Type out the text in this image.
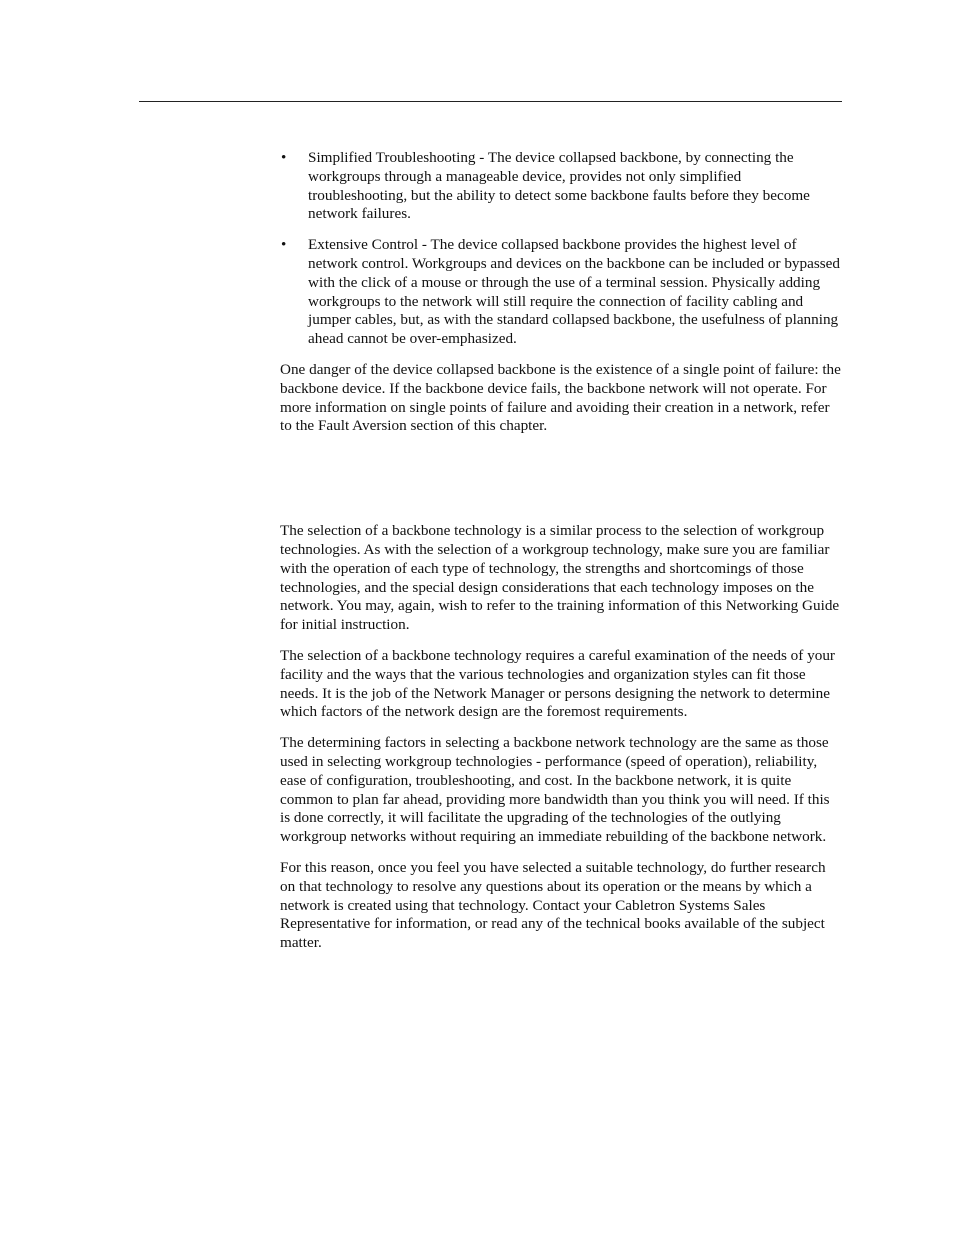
• Simplified Troubleshooting - The device collapsed backbone, by connecting the workgroups through a manageable device, provides not only simplified troubleshooting, but the ability to detect some backbone faults before they become network failures.
• Extensive Control - The device collapsed backbone provides the highest level of network control. Workgroups and devices on the backbone can be included or bypassed with the click of a mouse or through the use of a terminal session. Physically adding workgroups to the network will still require the connection of facility cabling and jumper cables, but, as with the standard collapsed backbone, the usefulness of planning ahead cannot be over-emphasized.

One danger of the device collapsed backbone is the existence of a single point of failure: the backbone device. If the backbone device fails, the backbone network will not operate. For more information on single points of failure and avoiding their creation in a network, refer to the Fault Aversion section of this chapter.

The selection of a backbone technology is a similar process to the selection of workgroup technologies. As with the selection of a workgroup technology, make sure you are familiar with the operation of each type of technology, the strengths and shortcomings of those technologies, and the special design considerations that each technology imposes on the network. You may, again, wish to refer to the training information of this Networking Guide for initial instruction.

The selection of a backbone technology requires a careful examination of the needs of your facility and the ways that the various technologies and organization styles can fit those needs. It is the job of the Network Manager or persons designing the network to determine which factors of the network design are the foremost requirements.

The determining factors in selecting a backbone network technology are the same as those used in selecting workgroup technologies - performance (speed of operation), reliability, ease of configuration, troubleshooting, and cost. In the backbone network, it is quite common to plan far ahead, providing more bandwidth than you think you will need. If this is done correctly, it will facilitate the upgrading of the technologies of the outlying workgroup networks without requiring an immediate rebuilding of the backbone network.

For this reason, once you feel you have selected a suitable technology, do further research on that technology to resolve any questions about its operation or the means by which a network is created using that technology. Contact your Cabletron Systems Sales Representative for information, or read any of the technical books available of the subject matter.
